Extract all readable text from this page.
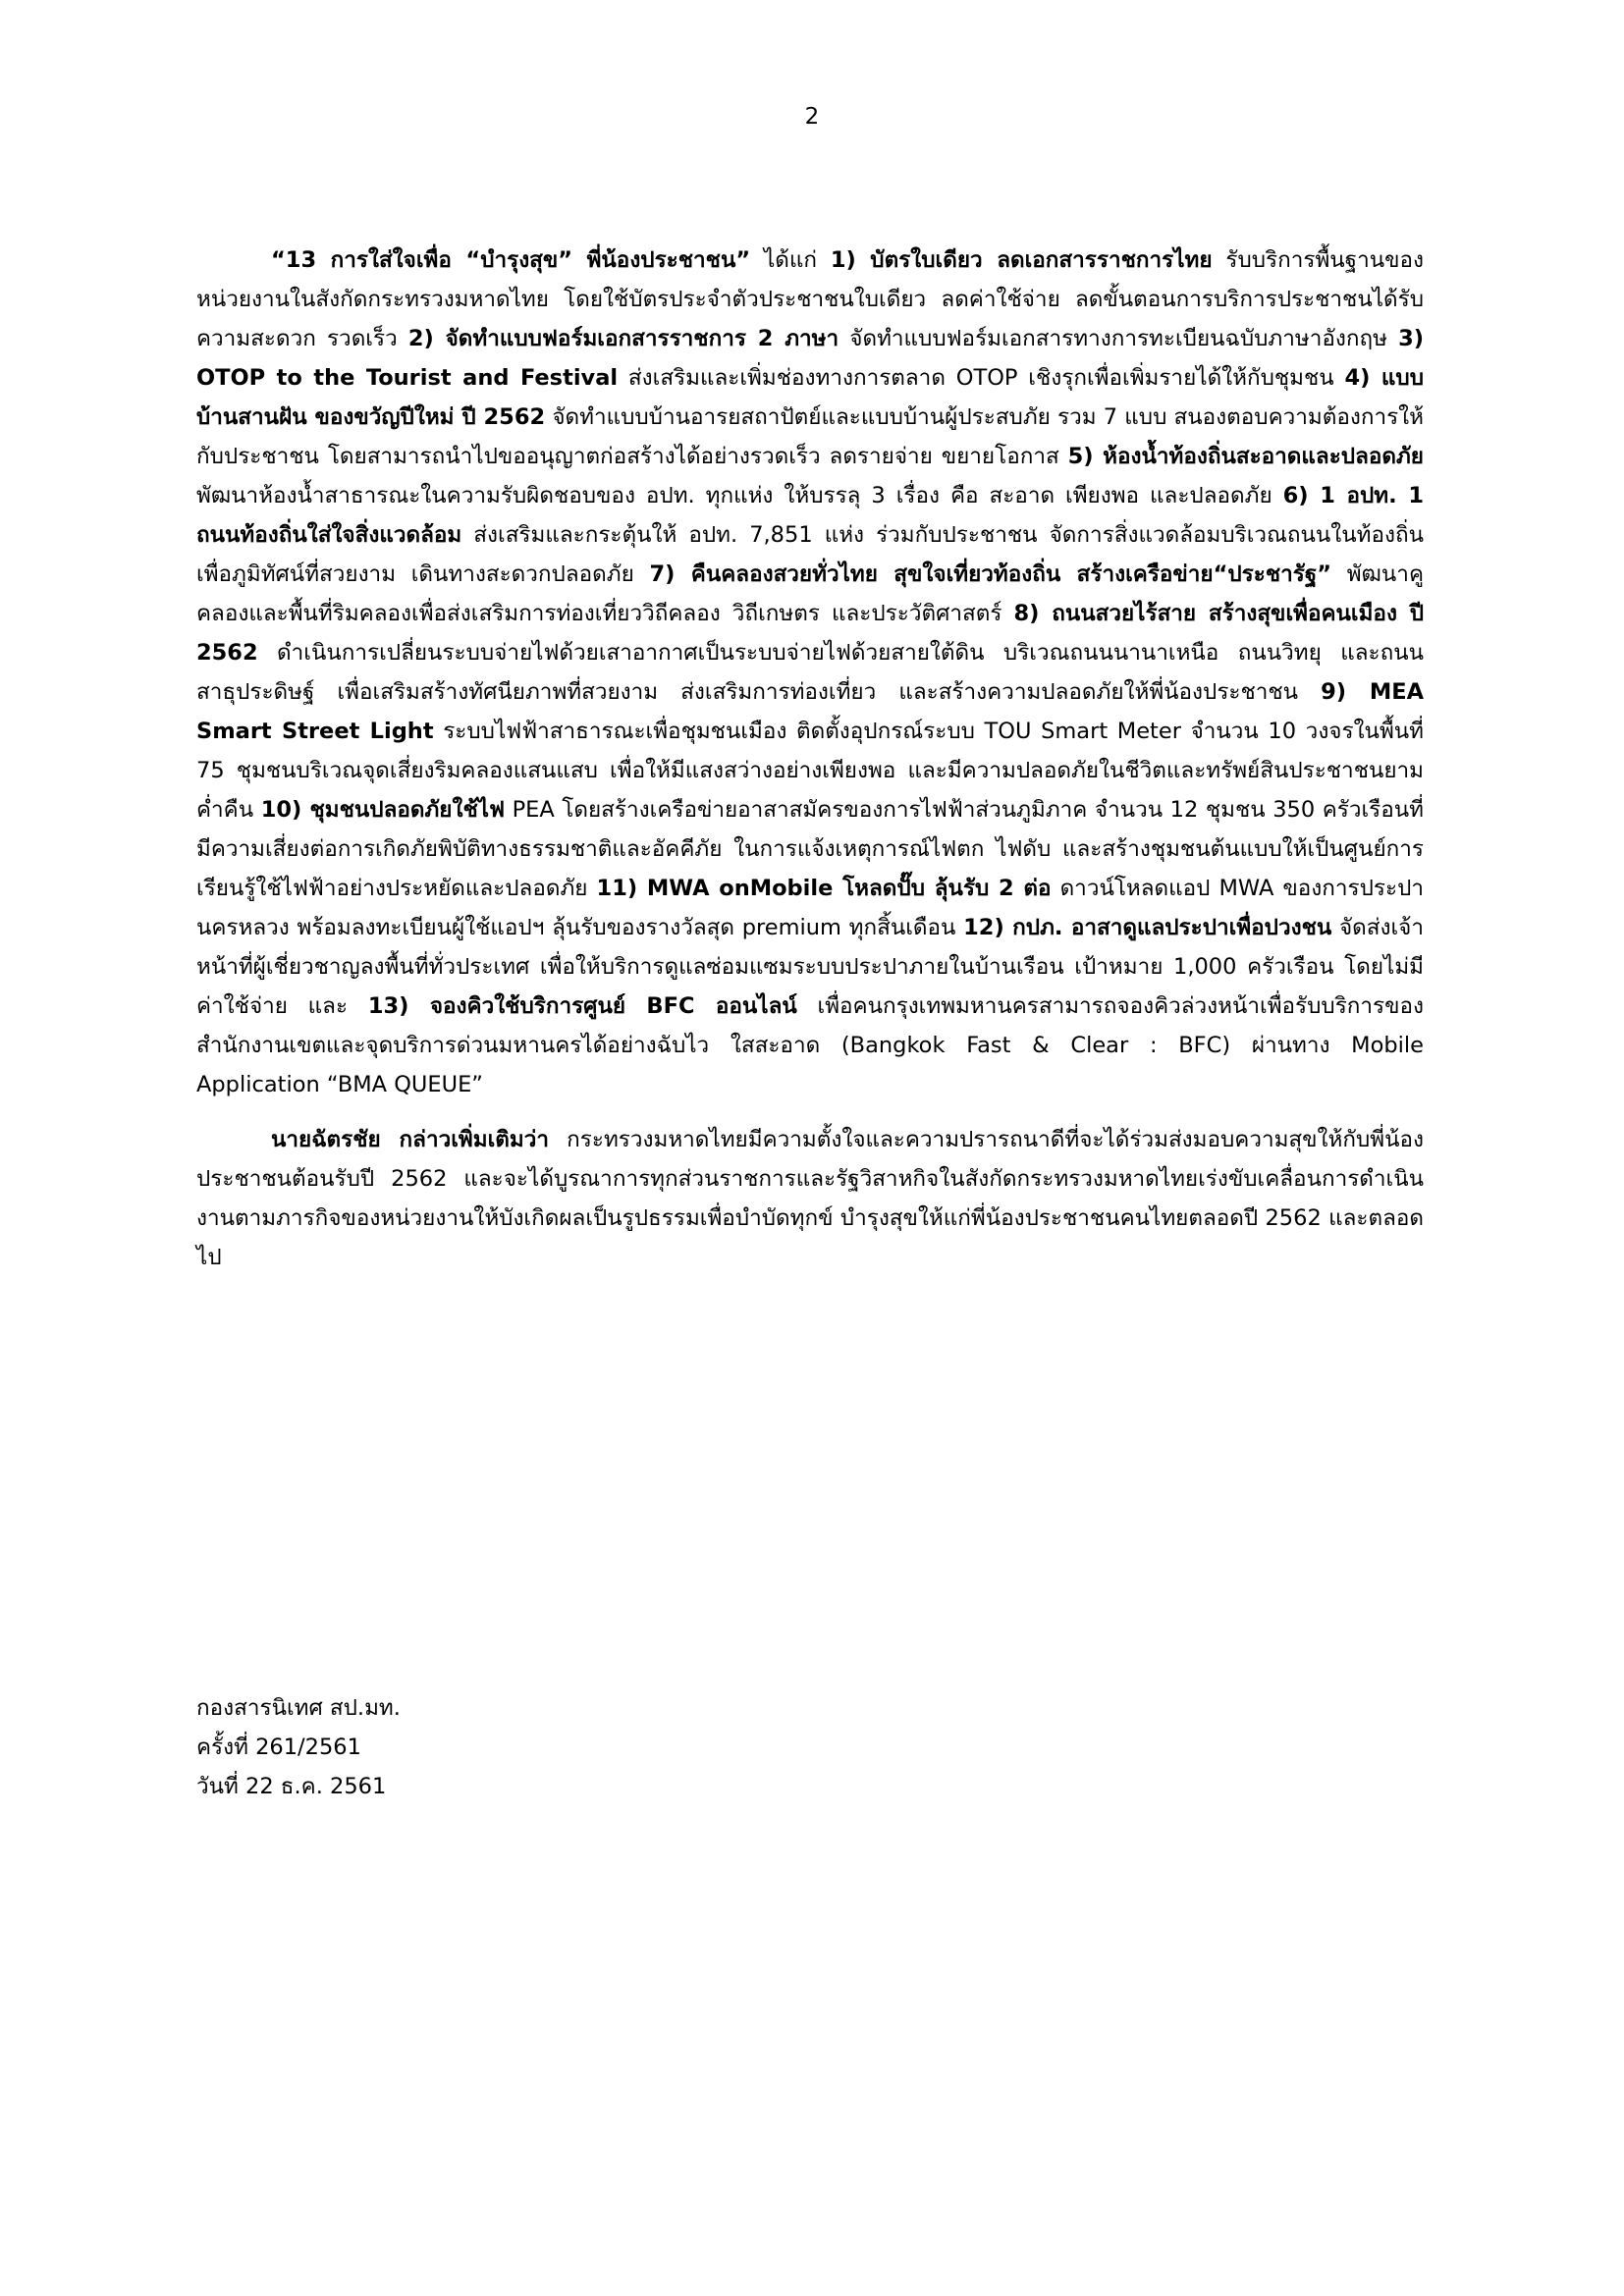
2

“13 การใส่ใจเพื่อ “บำรุงสุข” พี่น้องประชาชน” ได้แก่ 1) บัตรใบเดียว ลดเอกสารราชการไทย รับบริการพื้นฐานของหน่วยงานในสังกัดกระทรวงมหาดไทย โดยใช้บัตรประจำตัวประชาชนใบเดียว ลดค่าใช้จ่าย ลดขั้นตอนการบริการประชาชนได้รับความสะดวก รวดเร็ว 2) จัดทำแบบฟอร์มเอกสารราชการ 2 ภาษา จัดทำแบบฟอร์มเอกสารทางการทะเบียนฉบับภาษาอังกฤษ 3) OTOP to the Tourist and Festival ส่งเสริมและเพิ่มช่องทางการตลาด OTOP เชิงรุกเพื่อเพิ่มรายได้ให้กับชุมชน 4) แบบบ้านสานฝัน ของขวัญปีใหม่ ปี 2562 จัดทำแบบบ้านอารยสถาปัตย์และแบบบ้านผู้ประสบภัย รวม 7 แบบ สนองตอบความต้องการให้กับประชาชน โดยสามารถนำไปขออนุญาตก่อสร้างได้อย่างรวดเร็ว ลดรายจ่าย ขยายโอกาส 5) ห้องน้ำท้องถิ่นสะอาดและปลอดภัย พัฒนาห้องน้ำสาธารณะในความรับผิดชอบของ อปท. ทุกแห่ง ให้บรรลุ 3 เรื่อง คือ สะอาด เพียงพอ และปลอดภัย 6) 1 อปท. 1 ถนนท้องถิ่นใส่ใจสิ่งแวดล้อม ส่งเสริมและกระตุ้นให้ อปท. 7,851 แห่ง ร่วมกับประชาชน จัดการสิ่งแวดล้อมบริเวณถนนในท้องถิ่น เพื่อภูมิทัศน์ที่สวยงาม เดินทางสะดวกปลอดภัย 7) คืนคลองสวยทั่วไทย สุขใจเที่ยวท้องถิ่น สร้างเครือข่าย“ประชารัฐ” พัฒนาคูคลองและพื้นที่ริมคลองเพื่อส่งเสริมการท่องเที่ยววิถีคลอง วิถีเกษตร และประวัติศาสตร์ 8) ถนนสวยไร้สาย สร้างสุขเพื่อคนเมือง ปี 2562 ดำเนินการเปลี่ยนระบบจ่ายไฟด้วยเสาอากาศเป็นระบบจ่ายไฟด้วยสายใต้ดิน บริเวณถนนนานาเหนือ ถนนวิทยุ และถนนสาธุประดิษฐ์ เพื่อเสริมสร้างทัศนียภาพที่สวยงาม ส่งเสริมการท่องเที่ยว และสร้างความปลอดภัยให้พี่น้องประชาชน 9) MEA Smart Street Light ระบบไฟฟ้าสาธารณะเพื่อชุมชนเมือง ติดตั้งอุปกรณ์ระบบ TOU Smart Meter จำนวน 10 วงจรในพื้นที่ 75 ชุมชนบริเวณจุดเสี่ยงริมคลองแสนแสบ เพื่อให้มีแสงสว่างอย่างเพียงพอ และมีความปลอดภัยในชีวิตและทรัพย์สินประชาชนยามค่ำคืน 10) ชุมชนปลอดภัยใช้ไฟ PEA โดยสร้างเครือข่ายอาสาสมัครของการไฟฟ้าส่วนภูมิภาค จำนวน 12 ชุมชน 350 ครัวเรือนที่มีความเสี่ยงต่อการเกิดภัยพิบัติทางธรรมชาติและอัคคีภัย ในการแจ้งเหตุการณ์ไฟตก ไฟดับ และสร้างชุมชนต้นแบบให้เป็นศูนย์การเรียนรู้ใช้ไฟฟ้าอย่างประหยัดและปลอดภัย 11) MWA onMobile โหลดปั๊บ ลุ้นรับ 2 ต่อ ดาวน์โหลดแอป MWA ของการประปานครหลวง พร้อมลงทะเบียนผู้ใช้แอปฯ ลุ้นรับของรางวัลสุด premium ทุกสิ้นเดือน 12) กปภ. อาสาดูแลประปาเพื่อปวงชน จัดส่งเจ้าหน้าที่ผู้เชี่ยวชาญลงพื้นที่ทั่วประเทศ เพื่อให้บริการดูแลซ่อมแซมระบบประปาภายในบ้านเรือน เป้าหมาย 1,000 ครัวเรือน โดยไม่มีค่าใช้จ่าย และ 13) จองคิวใช้บริการศูนย์ BFC ออนไลน์ เพื่อคนกรุงเทพมหานครสามารถจองคิวล่วงหน้าเพื่อรับบริการของสำนักงานเขตและจุดบริการด่วนมหานครได้อย่างฉับไว ใสสะอาด (Bangkok Fast & Clear : BFC) ผ่านทาง Mobile Application “BMA QUEUE”

นายฉัตรชัย กล่าวเพิ่มเติมว่า กระทรวงมหาดไทยมีความตั้งใจและความปรารถนาดีที่จะได้ร่วมส่งมอบความสุขให้กับพี่น้องประชาชนต้อนรับปี 2562 และจะได้บูรณาการทุกส่วนราชการและรัฐวิสาหกิจในสังกัดกระทรวงมหาดไทยเร่งขับเคลื่อนการดำเนินงานตามภารกิจของหน่วยงานให้บังเกิดผลเป็นรูปธรรมเพื่อบำบัดทุกข์ บำรุงสุขให้แก่พี่น้องประชาชนคนไทยตลอดปี 2562 และตลอดไป

กองสารนิเทศ สป.มท.
ครั้งที่ 261/2561
วันที่ 22 ธ.ค. 2561
